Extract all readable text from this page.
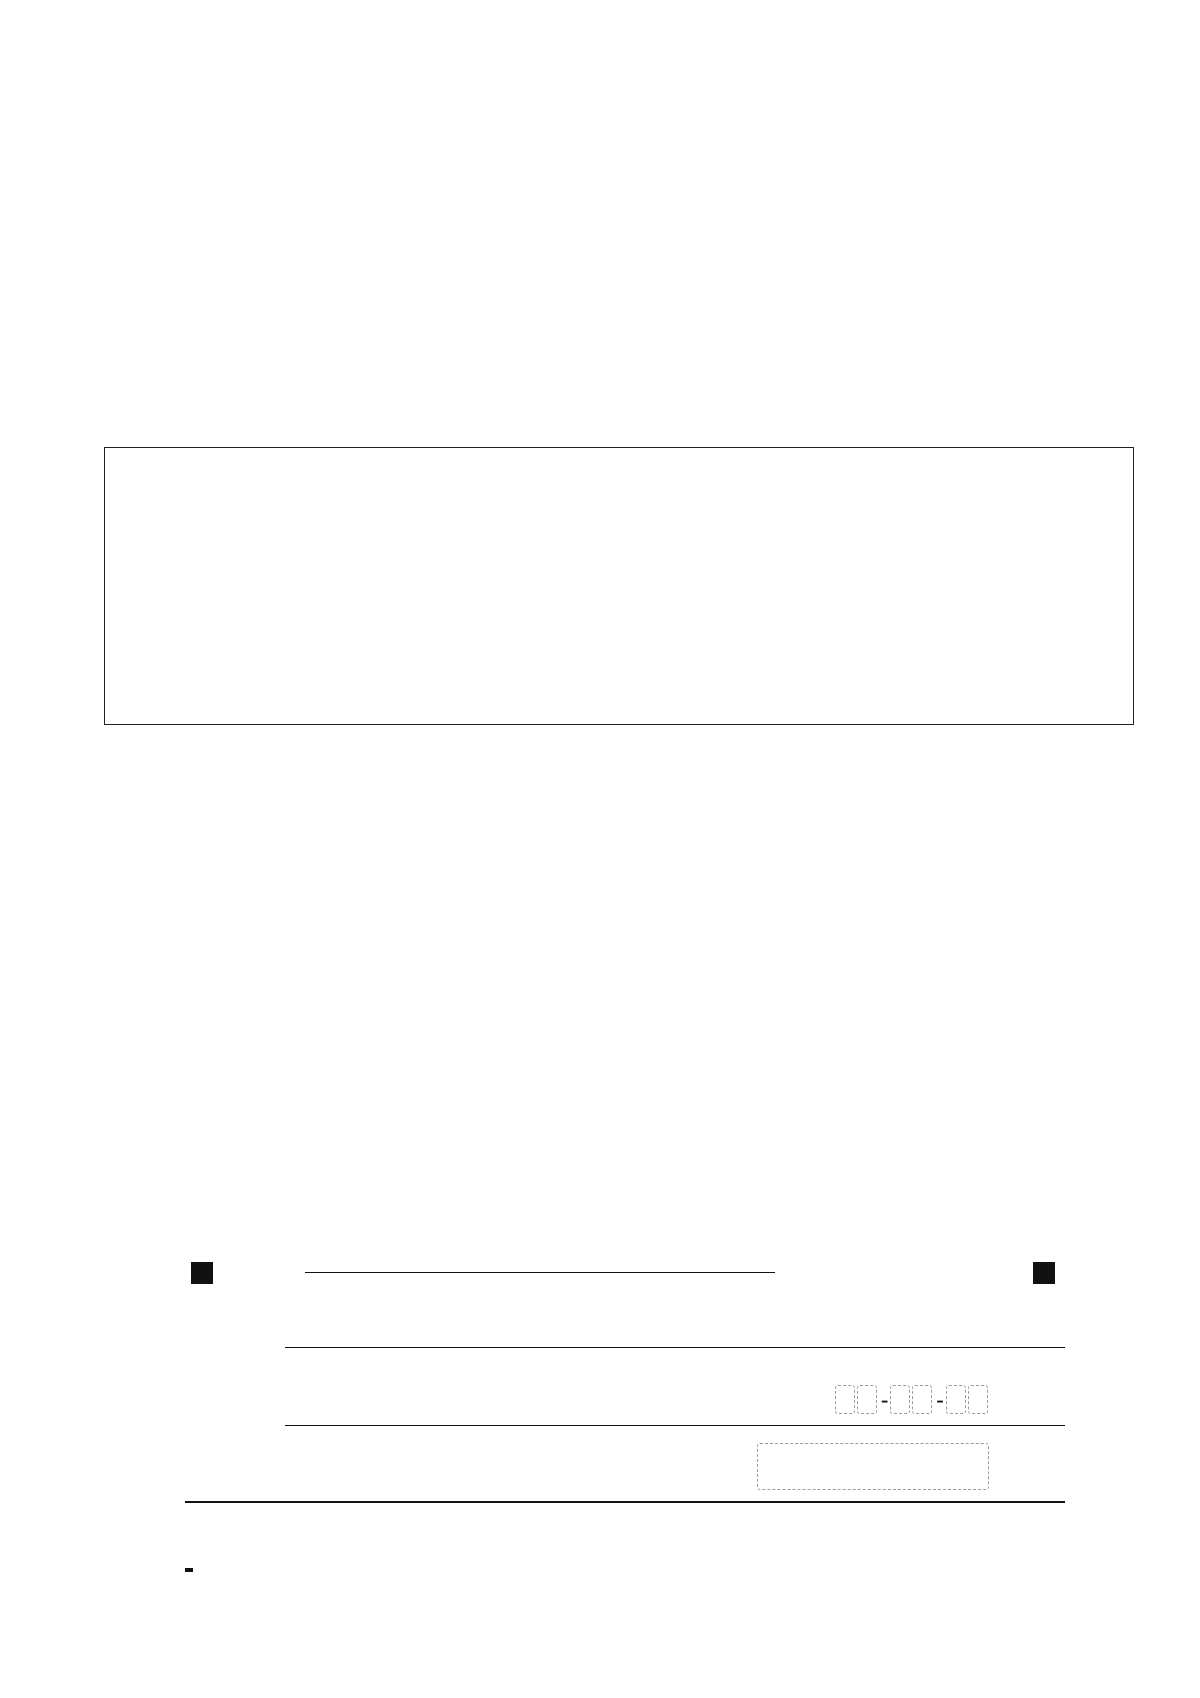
- -
